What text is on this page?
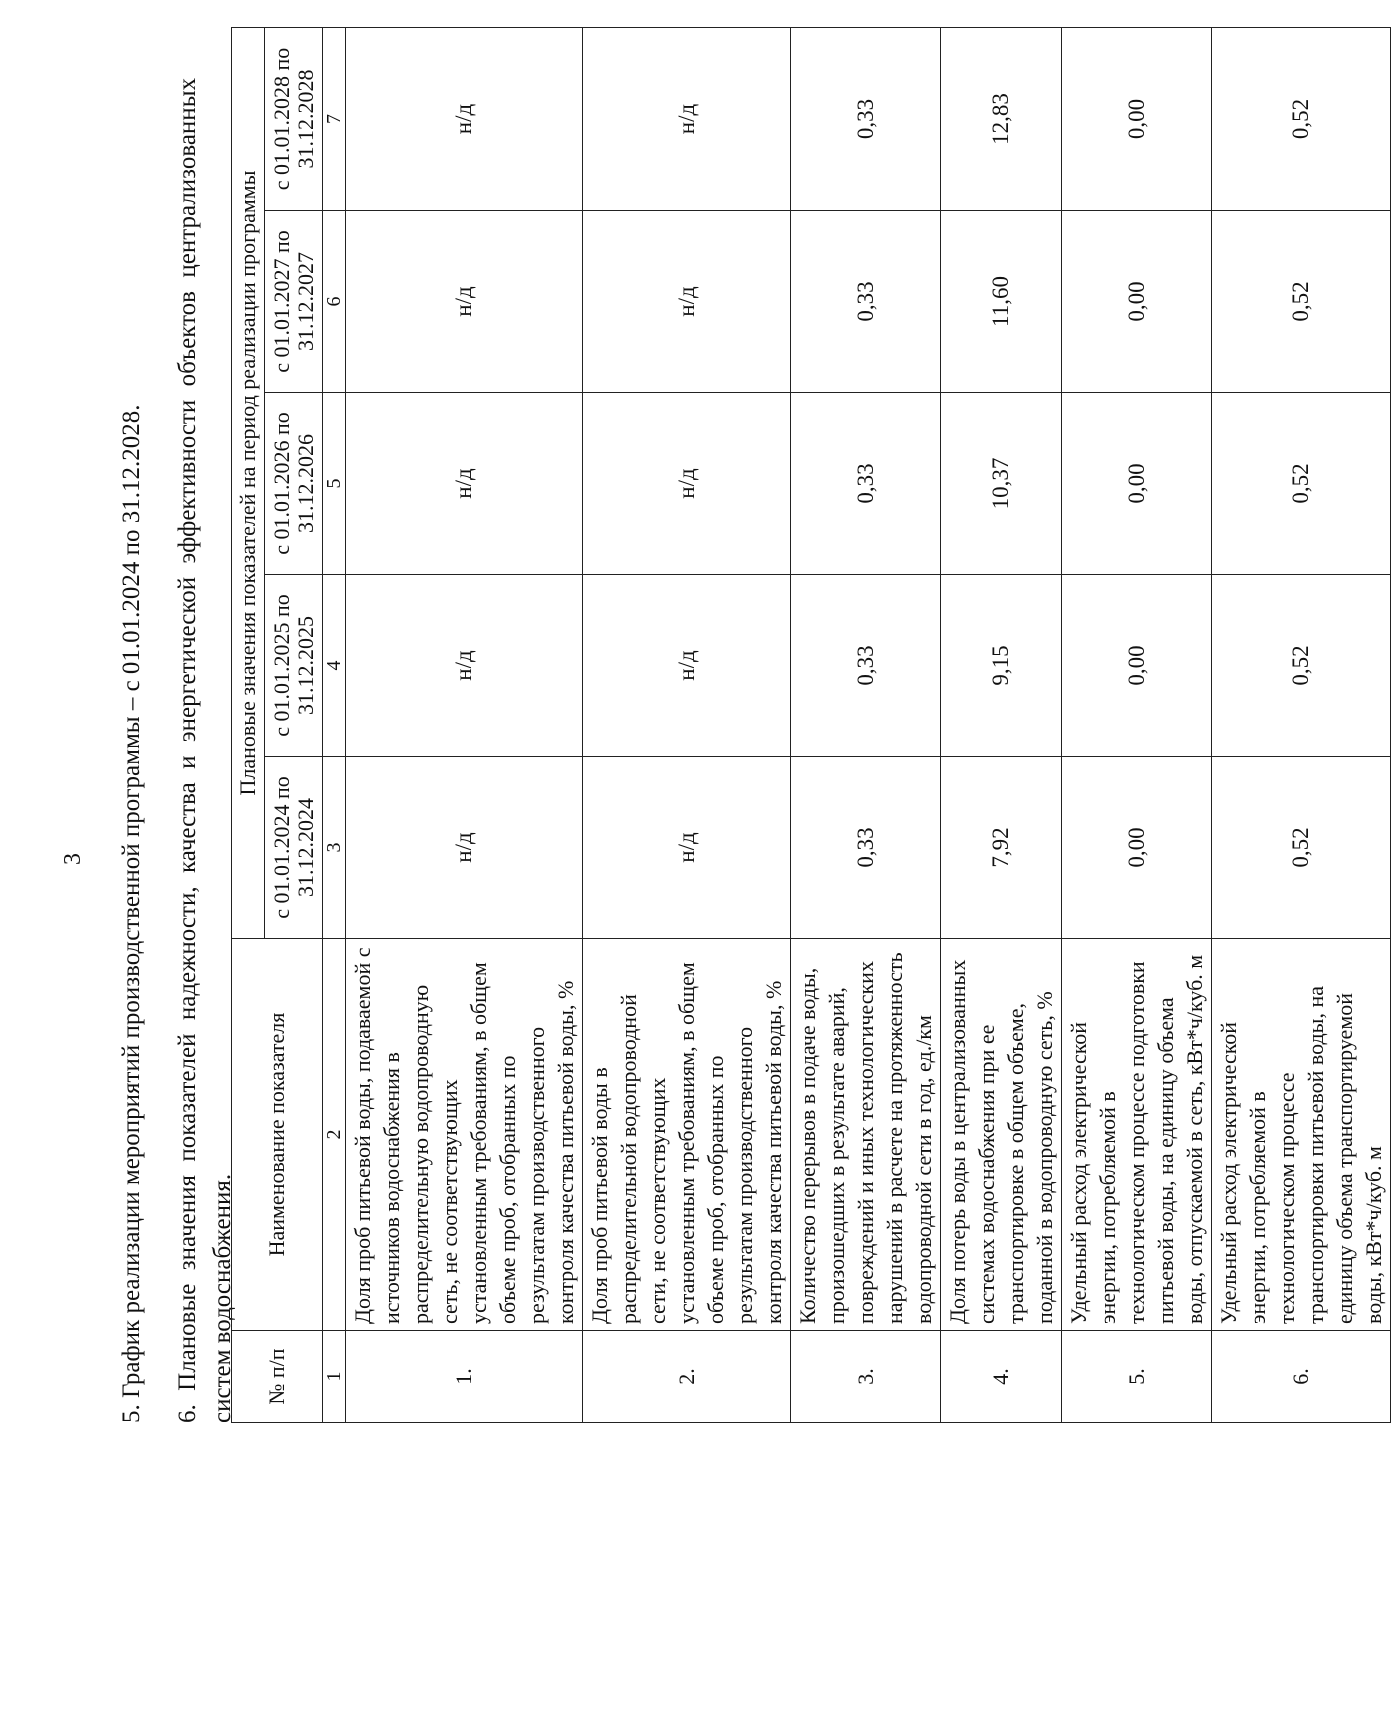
3 5. График реализации мероприятий производственной программы – с 01.01.2024 по 31.12.2028. 6. Плановые значения показателей надежности, качества и энергетической эффективности объектов централизованных систем водоснабжения. № п/п	Наименование показателя	Плановые значения показателей на период реализации программы				
		с 01.01.2024 по 31.12.2024	с 01.01.2025 по 31.12.2025	с 01.01.2026 по 31.12.2026	с 01.01.2027 по 31.12.2027	с 01.01.2028 по 31.12.2028
1	2	3	4	5	6	7
1.	Доля проб питьевой воды, подаваемой с источников водоснабжения в распределительную водопроводную сеть, не соответствующих установленным требованиям, в общем объеме проб, отобранных по результатам производственного контроля качества питьевой воды, %	н/д	н/д	н/д	н/д	н/д
2.	Доля проб питьевой воды в распределительной водопроводной сети, не соответствующих установленным требованиям, в общем объеме проб, отобранных по результатам производственного контроля качества питьевой воды, %	н/д	н/д	н/д	н/д	н/д
3.	Количество перерывов в подаче воды, произошедших в результате аварий, повреждений и иных технологических нарушений в расчете на протяженность водопроводной сети в год, ед./км	0,33	0,33	0,33	0,33	0,33
4.	Доля потерь воды в централизованных системах водоснабжения при ее транспортировке в общем объеме, поданной в водопроводную сеть, %	7,92	9,15	10,37	11,60	12,83
5.	Удельный расход электрической энергии, потребляемой в технологическом процессе подготовки питьевой воды, на единицу объема воды, отпускаемой в сеть, кВт*ч/куб. м	0,00	0,00	0,00	0,00	0,00
6.	Удельный расход электрической энергии, потребляемой в технологическом процессе транспортировки питьевой воды, на единицу объема транспортируемой воды, кВт*ч/куб. м	0,52	0,52	0,52	0,52	0,52
